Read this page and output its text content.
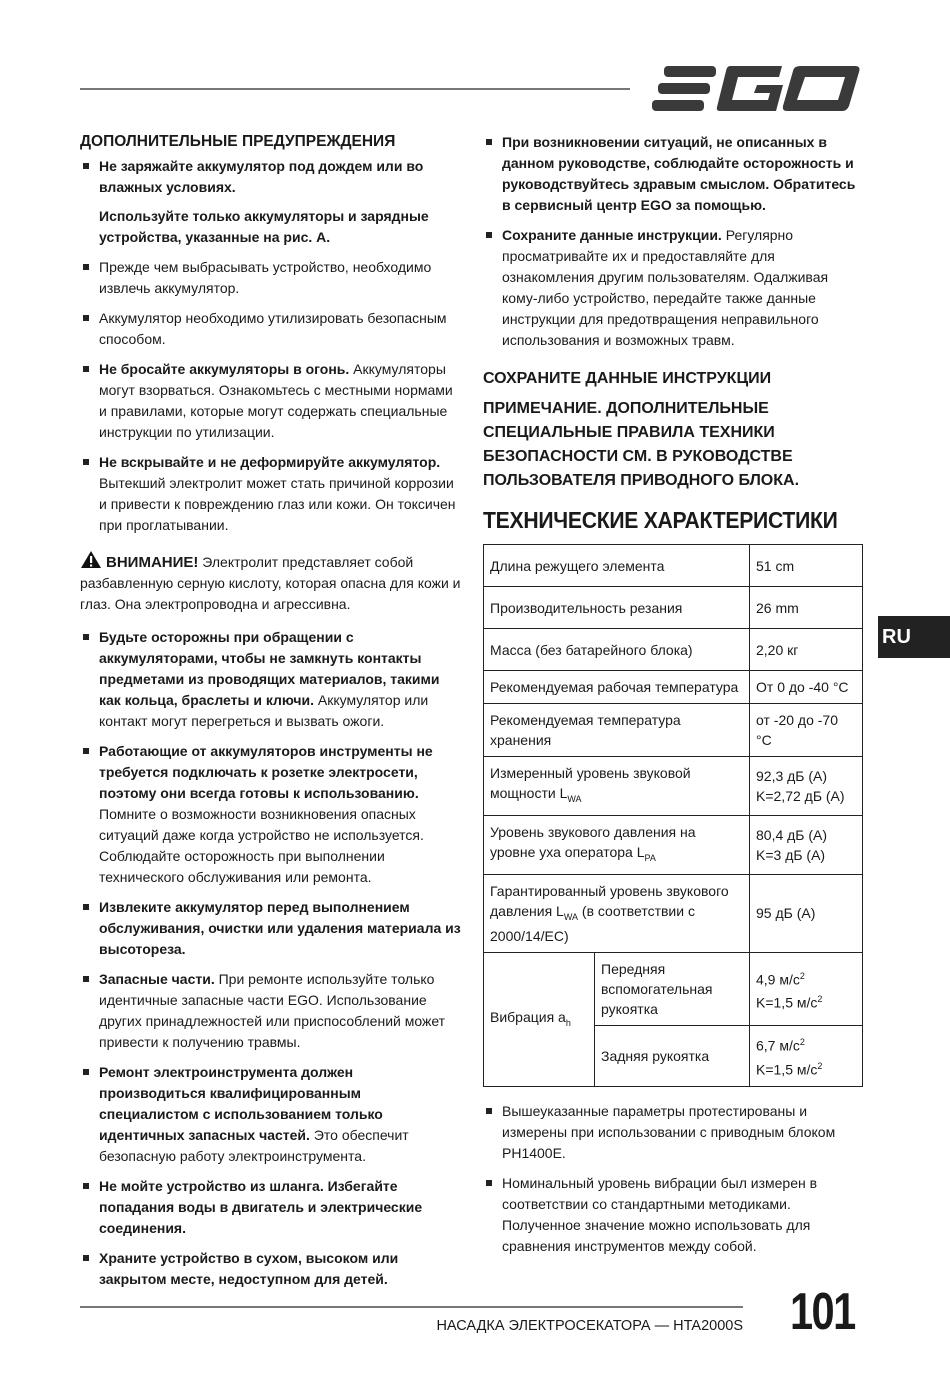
ДОПОЛНИТЕЛЬНЫЕ ПРЕДУПРЕЖДЕНИЯ

Не заряжайте аккумулятор под дождем или во влажных условиях.

Используйте только аккумуляторы и зарядные устройства, указанные на рис. A.

Прежде чем выбрасывать устройство, необходимо извлечь аккумулятор.

Аккумулятор необходимо утилизировать безопасным способом.

Не бросайте аккумуляторы в огонь. Аккумуляторы могут взорваться. Ознакомьтесь с местными нормами и правилами, которые могут содержать специальные инструкции по утилизации.

Не вскрывайте и не деформируйте аккумулятор. Вытекший электролит может стать причиной коррозии и привести к повреждению глаз или кожи. Он токсичен при проглатывании.

ВНИМАНИЕ! Электролит представляет собой разбавленную серную кислоту, которая опасна для кожи и глаз. Она электропроводна и агрессивна.

Будьте осторожны при обращении с аккумуляторами, чтобы не замкнуть контакты предметами из проводящих материалов, такими как кольца, браслеты и ключи. Аккумулятор или контакт могут перегреться и вызвать ожоги.

Работающие от аккумуляторов инструменты не требуется подключать к розетке электросети, поэтому они всегда готовы к использованию. Помните о возможности возникновения опасных ситуаций даже когда устройство не используется. Соблюдайте осторожность при выполнении технического обслуживания или ремонта.

Извлеките аккумулятор перед выполнением обслуживания, очистки или удаления материала из высотореза.

Запасные части. При ремонте используйте только идентичные запасные части EGO. Использование других принадлежностей или приспособлений может привести к получению травмы.

Ремонт электроинструмента должен производиться квалифицированным специалистом с использованием только идентичных запасных частей. Это обеспечит безопасную работу электроинструмента.

Не мойте устройство из шланга. Избегайте попадания воды в двигатель и электрические соединения.

Храните устройство в сухом, высоком или закрытом месте, недоступном для детей.

При возникновении ситуаций, не описанных в данном руководстве, соблюдайте осторожность и руководствуйтесь здравым смыслом. Обратитесь в сервисный центр EGO за помощью.

Сохраните данные инструкции. Регулярно просматривайте их и предоставляйте для ознакомления другим пользователям. Одалживая кому-либо устройство, передайте также данные инструкции для предотвращения неправильного использования и возможных травм.

СОХРАНИТЕ ДАННЫЕ ИНСТРУКЦИИ
ПРИМЕЧАНИЕ. ДОПОЛНИТЕЛЬНЫЕ СПЕЦИАЛЬНЫЕ ПРАВИЛА ТЕХНИКИ БЕЗОПАСНОСТИ СМ. В РУКОВОДСТВЕ ПОЛЬЗОВАТЕЛЯ ПРИВОДНОГО БЛОКА.
ТЕХНИЧЕСКИЕ ХАРАКТЕРИСТИКИ
Длина режущего элемента		51 cm
Производительность резания		26 mm
Масса (без батарейного блока)		2,20 кг
Рекомендуемая рабочая температура		От 0 до -40 °C
Рекомендуемая температура хранения		от -20 до -70 °C
Измеренный уровень звуковой мощности $L_{WA}$		92,3 дБ (A)
K=2,72 дБ (A)
Уровень звукового давления на уровне уха оператора $L_{PA}$		80,4 дБ (A)
K=3 дБ (A)
Гарантированный уровень звукового давления $L_{WA}$ (в соответствии с 2000/14/EC)		95 дБ (A)
Вибрация $a_h$	Передняя вспомогательная рукоятка	4,9 $м/с^2$
K=1,5 $м/с^2$
	Задняя рукоятка	6,7 $м/с^2$
K=1,5 $м/с^2$

Вышеуказанные параметры протестированы и измерены при использовании с приводным блоком PH1400E.

Номинальный уровень вибрации был измерен в соответствии со стандартными методиками. Полученное значение можно использовать для сравнения инструментов между собой.

RU
НАСАДКА ЭЛЕКТРОСЕКАТОРА — HTA2000S 101
